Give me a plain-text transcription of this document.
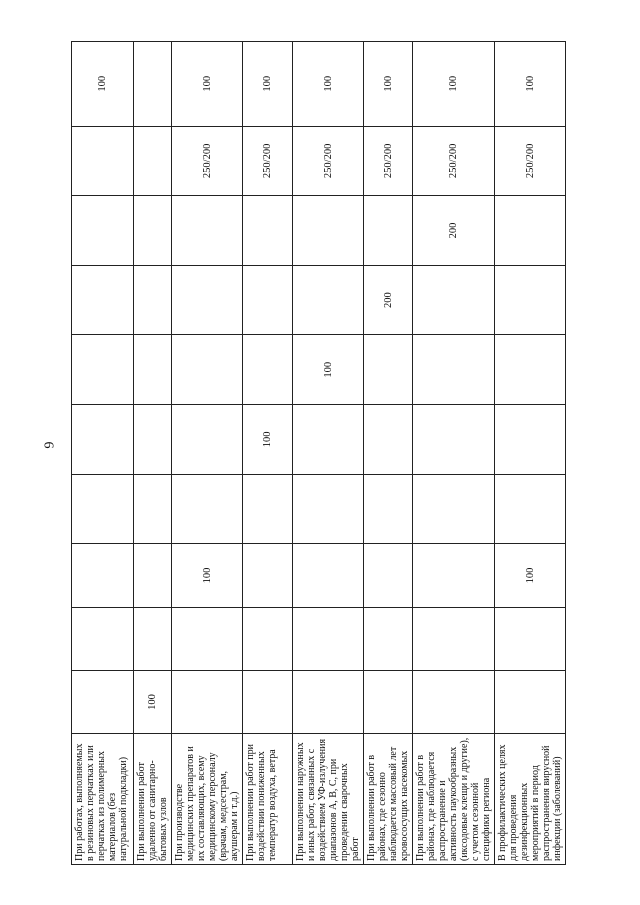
6
При работах, выполняемых в резиновых перчатках или перчатках из полимерных материалов (без натуральной подкладки)										100
При выполнении работ удаленно от санитарно-бытовых узлов	100									
При производстве медицинских препаратов и их составляющих, всему медицинскому персоналу (врачам, медсестрам, акушерам и т.д.)			100						250/200	100
При выполнении работ при воздействии пониженных температур воздуха, ветра					100				250/200	100
При выполнении наружных и иных работ, связанных с воздействием УФ-излучения диапазонов А, В, С, при проведении сварочных работ						100			250/200	100
При выполнении работ в районах, где сезонно наблюдается массовый лет кровососущих насекомых							200		250/200	100
При выполнении работ в районах, где наблюдается распространение и активность паукообразных (иксодовые клещи и другие), с учетом сезонной специфики региона								200	250/200	100
В профилактических целях для проведения дезинфекционных мероприятий в период распространения вирусной инфекции (заболеваний)			100						250/200	100
